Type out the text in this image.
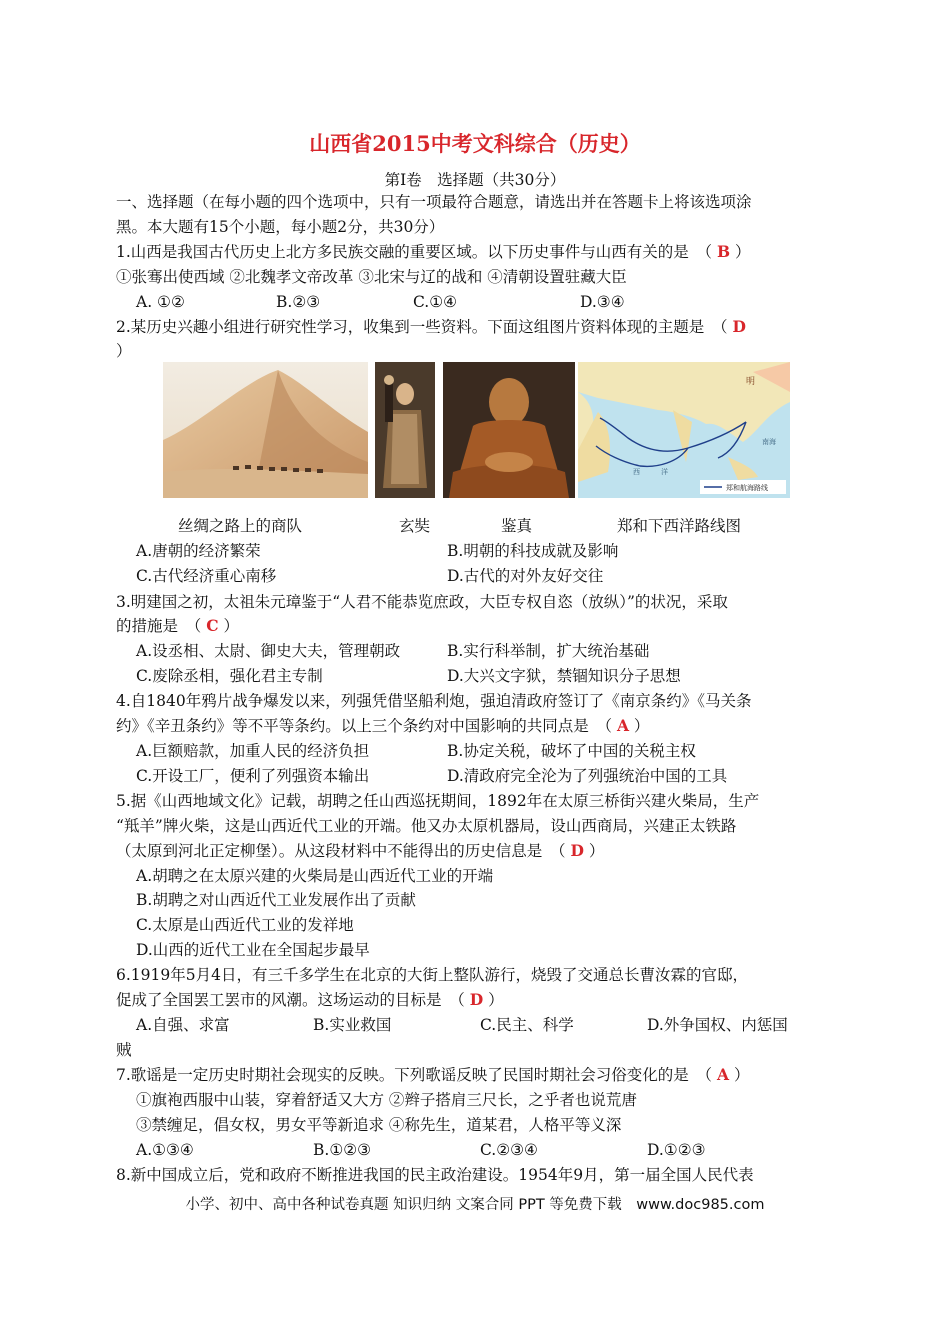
山西省2015中考文科综合（历史）
第Ⅰ卷　选择题（共30分）
一、选择题（在每小题的四个选项中，只有一项最符合题意，请选出并在答题卡上将该选项涂
黑。本大题有15个小题，每小题2分，共30分）
1.山西是我国古代历史上北方多民族交融的重要区域。以下历史事件与山西有关的是　（ B ）
①张骞出使西域 ②北魏孝文帝改革 ③北宋与辽的战和 ④清朝设置驻藏大臣
A. ①②	B.②③	C.①④	D.③④
2.某历史兴趣小组进行研究性学习，收集到一些资料。下面这组图片资料体现的主题是　（ D
）
明
南海
西　　　洋
郑和航海路线
丝绸之路上的商队	玄奘	鉴真	郑和下西洋路线图
A.唐朝的经济繁荣	B.明朝的科技成就及影响
C.古代经济重心南移	D.古代的对外友好交往
3.明建国之初，太祖朱元璋鉴于“人君不能恭览庶政，大臣专权自恣（放纵）”的状况，采取
的措施是　（ C ）
A.设丞相、太尉、御史大夫，管理朝政	B.实行科举制，扩大统治基础
C.废除丞相，强化君主专制	D.大兴文字狱，禁锢知识分子思想
4.自1840年鸦片战争爆发以来，列强凭借坚船利炮，强迫清政府签订了《南京条约》《马关条
约》《辛丑条约》等不平等条约。以上三个条约对中国影响的共同点是　（ A ）
A.巨额赔款，加重人民的经济负担	B.协定关税，破坏了中国的关税主权
C.开设工厂，便利了列强资本输出	D.清政府完全沦为了列强统治中国的工具
5.据《山西地域文化》记载，胡聘之任山西巡抚期间，1892年在太原三桥街兴建火柴局，生产
“羝羊”牌火柴，这是山西近代工业的开端。他又办太原机器局，设山西商局，兴建正太铁路
（太原到河北正定柳堡）。从这段材料中不能得出的历史信息是　（ D ）
A.胡聘之在太原兴建的火柴局是山西近代工业的开端
B.胡聘之对山西近代工业发展作出了贡献
C.太原是山西近代工业的发祥地
D.山西的近代工业在全国起步最早
6.1919年5月4日，有三千多学生在北京的大街上整队游行，烧毁了交通总长曹汝霖的官邸，
促成了全国罢工罢市的风潮。这场运动的目标是　（ D ）
A.自强、求富	B.实业救国	C.民主、科学	D.外争国权、内惩国
贼
7.歌谣是一定历史时期社会现实的反映。下列歌谣反映了民国时期社会习俗变化的是　（ A ）
①旗袍西服中山装，穿着舒适又大方 ②辫子搭肩三尺长，之乎者也说荒唐
③禁缠足，倡女权，男女平等新追求 ④称先生，道某君，人格平等义深
A.①③④	B.①②③	C.②③④	D.①②③
8.新中国成立后，党和政府不断推进我国的民主政治建设。1954年9月，第一届全国人民代表
小学、初中、高中各种试卷真题 知识归纳 文案合同 PPT 等免费下载　www.doc985.com
